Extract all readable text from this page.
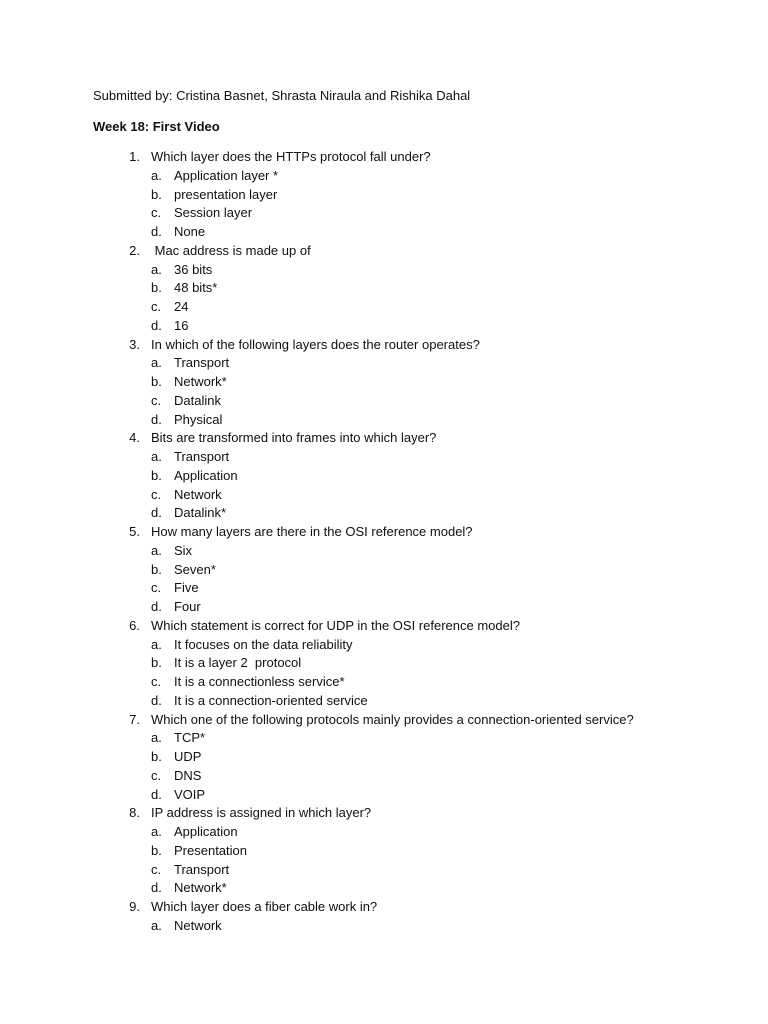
Submitted by: Cristina Basnet, Shrasta Niraula and Rishika Dahal
Week 18: First Video
1. Which layer does the HTTPs protocol fall under?
a. Application layer *
b. presentation layer
c. Session layer
d. None
2. Mac address is made up of
a. 36 bits
b. 48 bits*
c. 24
d. 16
3. In which of the following layers does the router operates?
a. Transport
b. Network*
c. Datalink
d. Physical
4. Bits are transformed into frames into which layer?
a. Transport
b. Application
c. Network
d. Datalink*
5. How many layers are there in the OSI reference model?
a. Six
b. Seven*
c. Five
d. Four
6. Which statement is correct for UDP in the OSI reference model?
a. It focuses on the data reliability
b. It is a layer 2  protocol
c. It is a connectionless service*
d. It is a connection-oriented service
7. Which one of the following protocols mainly provides a connection-oriented service?
a. TCP*
b. UDP
c. DNS
d. VOIP
8. IP address is assigned in which layer?
a. Application
b. Presentation
c. Transport
d. Network*
9. Which layer does a fiber cable work in?
a. Network
